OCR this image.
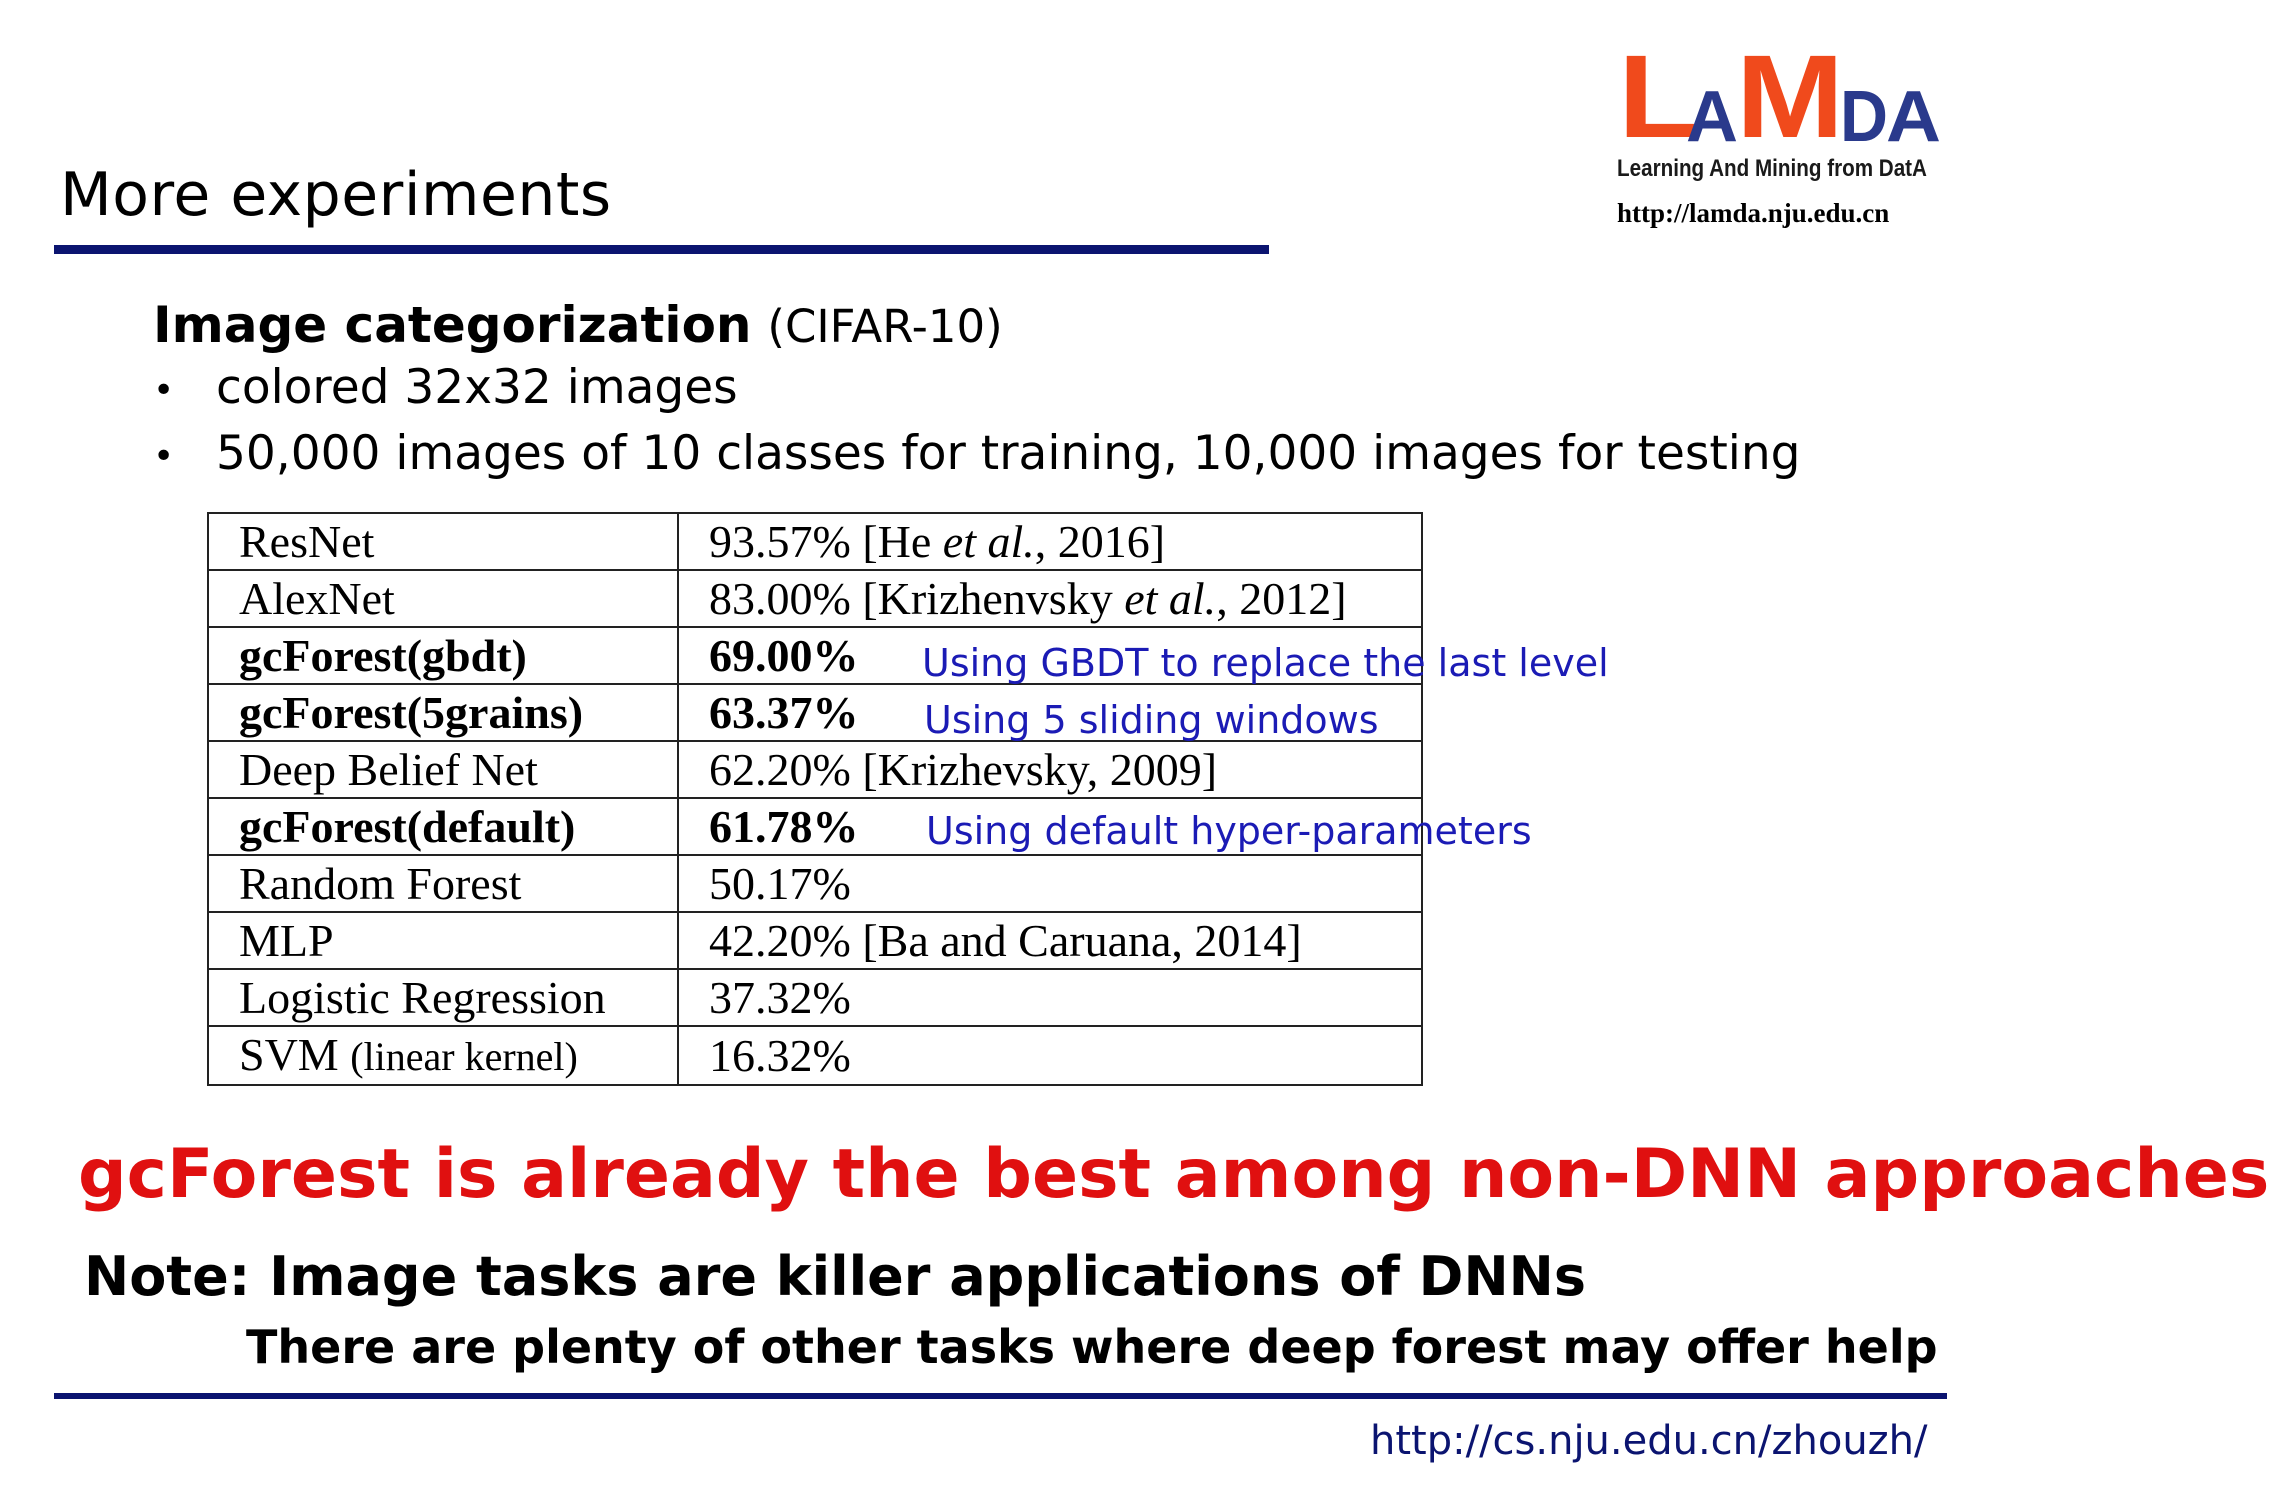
More experiments
L
A
M
D
A
Learning And Mining from DatA
http://lamda.nju.edu.cn
Image categorization (CIFAR-10)
• colored 32x32 images
• 50,000 images of 10 classes for training, 10,000 images for testing
ResNet	93.57% [He et al., 2016]
AlexNet	83.00% [Krizhenvsky et al., 2012]
gcForest(gbdt)	69.00%
gcForest(5grains)	63.37%
Deep Belief Net	62.20% [Krizhevsky, 2009]
gcForest(default)	61.78%
Random Forest	50.17%
MLP	42.20% [Ba and Caruana, 2014]
Logistic Regression	37.32%
SVM (linear kernel)	16.32%
Using GBDT to replace the last level
Using 5 sliding windows
Using default hyper-parameters
gcForest is already the best among non-DNN approaches
Note: Image tasks are killer applications of DNNs
There are plenty of other tasks where deep forest may offer help
http://cs.nju.edu.cn/zhouzh/
